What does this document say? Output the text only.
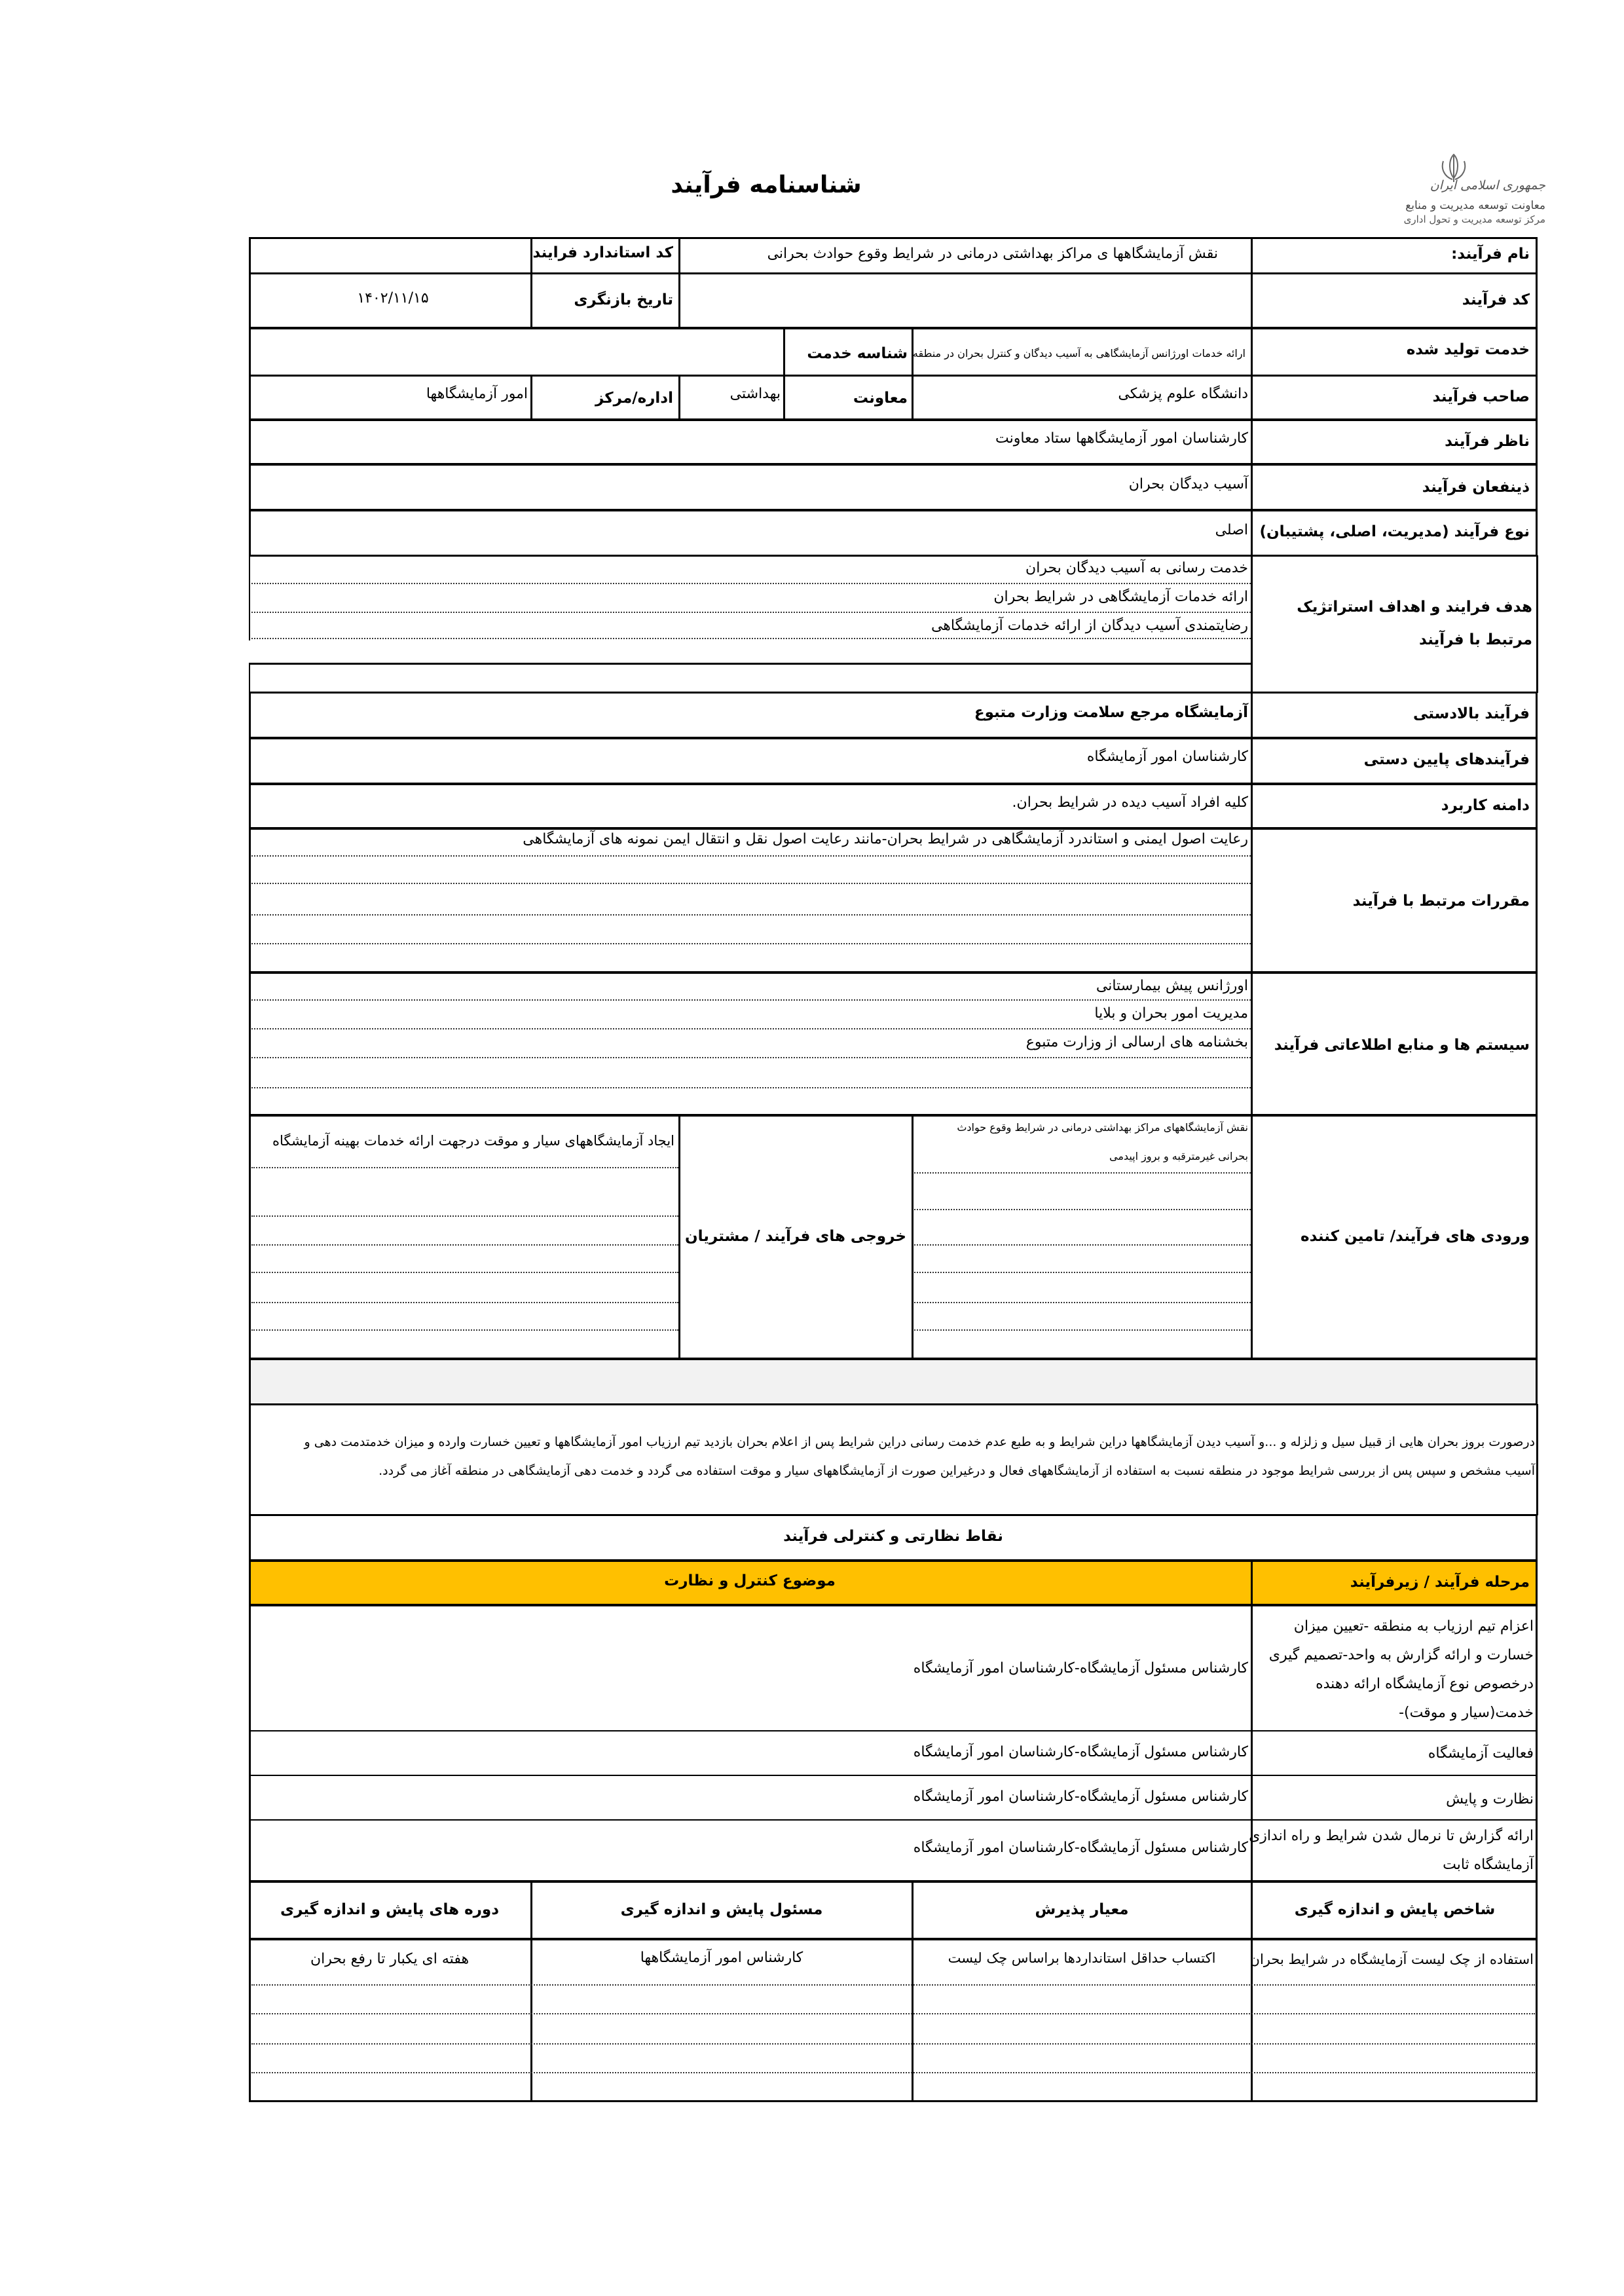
شناسنامه فرآیند	جمهوری اسلامی ایران
معاونت توسعه مدیریت و منابع
مرکز توسعه مدیریت و تحول اداری
نام فرآیند:
نقش آزمایشگاهها ی مراکز بهداشتی درمانی در شرایط وقوع حوادث بحرانی
کد استاندارد فرایند
کد فرآیند
تاریخ بازنگری
۱۴۰۲/۱۱/۱۵
خدمت تولید شده
ارائه خدمات اورژانس آزمایشگاهی به آسیب دیدگان و کنترل بحران در منطقه
شناسه خدمت
صاحب فرآیند
دانشگاه علوم پزشکی
معاونت
بهداشتی
اداره/مرکز
امور آزمایشگاهها
ناظر فرآیند
کارشناسان امور آزمایشگاهها ستاد معاونت
ذینفعان فرآیند
آسیب دیدگان بحران
نوع فرآیند (مدیریت، اصلی، پشتیبان)
اصلی
هدف فرایند و اهداف استراتژیک مرتبط با فرآیند
خدمت رسانی به آسیب دیدگان بحران
ارائه خدمات آزمایشگاهی در شرایط بحران
رضایتمندی آسیب دیدگان از ارائه خدمات آزمایشگاهی
فرآیند بالادستی
آزمایشگاه مرجع سلامت وزارت متبوع
فرآیندهای پایین دستی
کارشناسان امور آزمایشگاه
دامنه کاربرد
کلیه افراد آسیب دیده در شرایط بحران.
مقررات مرتبط با فرآیند
رعایت اصول ایمنی و استاندرد آزمایشگاهی در شرایط بحران-مانند رعایت اصول نقل و انتقال ایمن نمونه های آزمایشگاهی
سیستم ها و منابع اطلاعاتی فرآیند
اورژانس پیش بیمارستانی
مدیریت امور بحران و بلایا
بخشنامه های ارسالی از وزارت متبوع
ورودی های فرآیند/ تامین کننده
نقش آزمایشگاههای مراکز بهداشتی درمانی در شرایط وقوع حوادث
بحرانی غیرمترقبه و بروز اپیدمی
خروجی های فرآیند / مشتریان
ایجاد آزمایشگاههای سیار و موقت درجهت ارائه خدمات بهینه آزمایشگاه
درصورت بروز بحران هایی از قبیل سیل و زلزله و ...و آسیب دیدن آزمایشگاهها دراین شرایط و به طبع عدم خدمت رسانی دراین شرایط پس از اعلام بحران بازدید تیم ارزیاب امور آزمایشگاهها و تعیین خسارت وارده و میزان خدمتدمت دهی و
آسیب مشخص و سپس پس از بررسی شرایط موجود در منطقه نسبت به استفاده از آزمایشگاههای فعال و درغیراین صورت از آزمایشگاههای سیار و موقت استفاده می گردد و خدمت دهی آزمایشگاهی در منطقه آغاز می گردد.
نقاط نظارتی و کنترلی فرآیند
مرحله فرآیند / زیرفرآیند
موضوع کنترل و نظارت
اعزام تیم ارزیاب به منطقه -تعیین میزان
خسارت و ارائه گزارش به واحد-تصمیم گیری
درخصوص نوع آزمایشگاه ارائه دهنده
خدمت(سیار و موقت)-
کارشناس مسئول آزمایشگاه-کارشناسان امور آزمایشگاه
فعالیت آزمایشگاه
کارشناس مسئول آزمایشگاه-کارشناسان امور آزمایشگاه
نظارت و پایش
کارشناس مسئول آزمایشگاه-کارشناسان امور آزمایشگاه
ارائه گزارش تا نرمال شدن شرایط و راه اندازی
آزمایشگاه ثابت
کارشناس مسئول آزمایشگاه-کارشناسان امور آزمایشگاه
شاخص پایش و اندازه گیری
معیار پذیرش
مسئول پایش و اندازه گیری
دوره های پایش و اندازه گیری
استفاده از چک لیست آزمایشگاه در شرایط بحران
اکتساب حداقل استانداردها براساس چک لیست
کارشناس امور آزمایشگاهها
هفته ای یکبار تا رفع بحران
